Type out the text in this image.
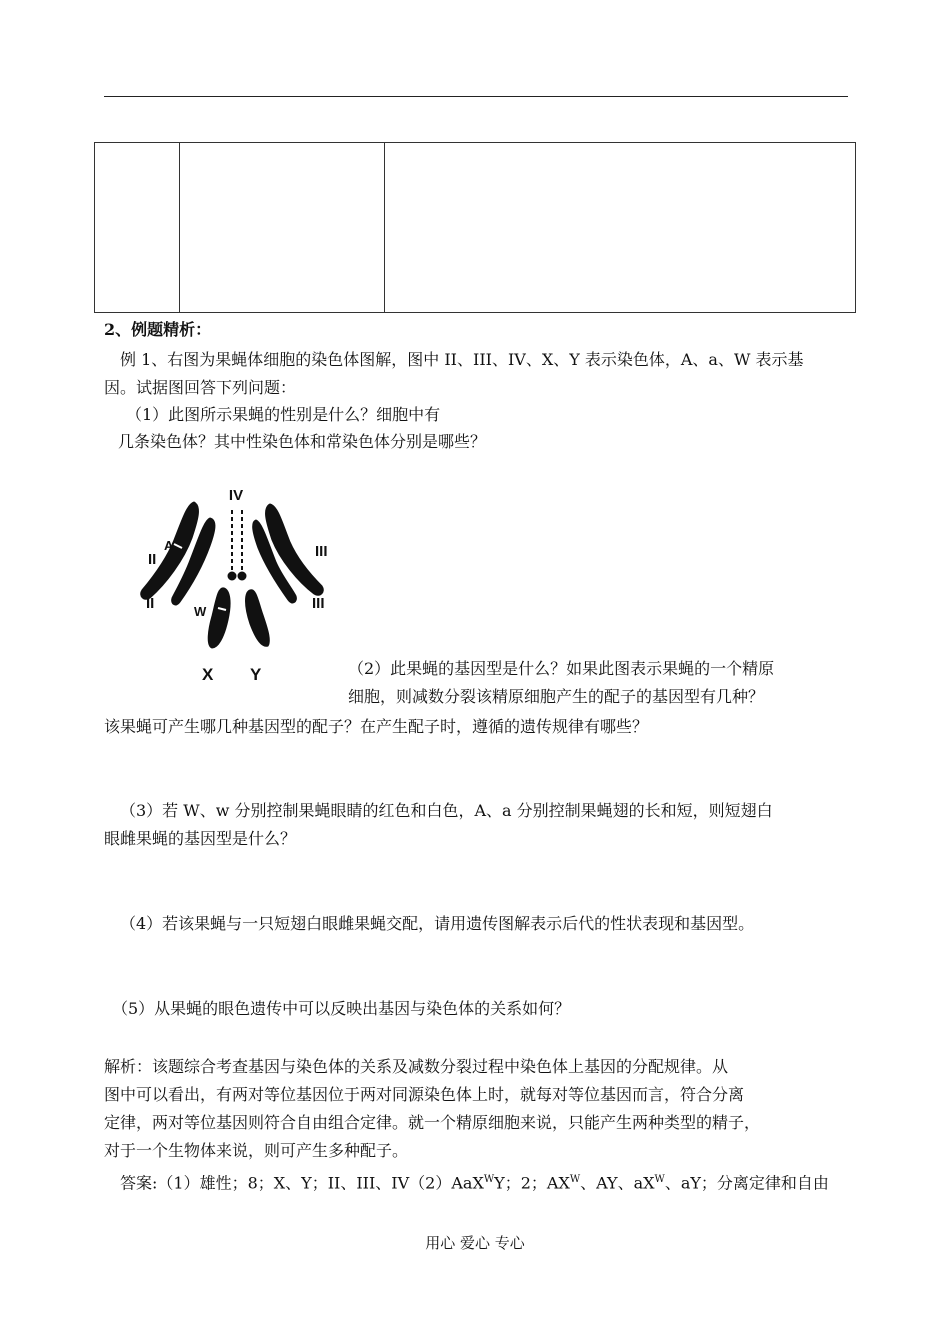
2、例题精析：
例 1、右图为果蝇体细胞的染色体图解，图中 II、III、IV、X、Y 表示染色体，A、a、W 表示基
因。试据图回答下列问题：
（1）此图所示果蝇的性别是什么？细胞中有
几条染色体？其中性染色体和常染色体分别是哪些？
IV
II
II
III
III
A
W
X Y	（2）此果蝇的基因型是什么？如果此图表示果蝇的一个精原
细胞，则减数分裂该精原细胞产生的配子的基因型有几种？
该果蝇可产生哪几种基因型的配子？在产生配子时，遵循的遗传规律有哪些？
（3）若 W、w 分别控制果蝇眼睛的红色和白色，A、a 分别控制果蝇翅的长和短，则短翅白
眼雌果蝇的基因型是什么？
（4）若该果蝇与一只短翅白眼雌果蝇交配，请用遗传图解表示后代的性状表现和基因型。
（5）从果蝇的眼色遗传中可以反映出基因与染色体的关系如何？
解析：该题综合考查基因与染色体的关系及减数分裂过程中染色体上基因的分配规律。从
图中可以看出，有两对等位基因位于两对同源染色体上时，就每对等位基因而言，符合分离
定律，两对等位基因则符合自由组合定律。就一个精原细胞来说，只能产生两种类型的精子，
对于一个生物体来说，则可产生多种配子。
答案:（1）雄性；8；X、Y；II、III、IV（2）AaX$^W$Y；2；$AX^W$、AY、$aX^W$、aY；分离定律和自由
用心 爱心 专心
